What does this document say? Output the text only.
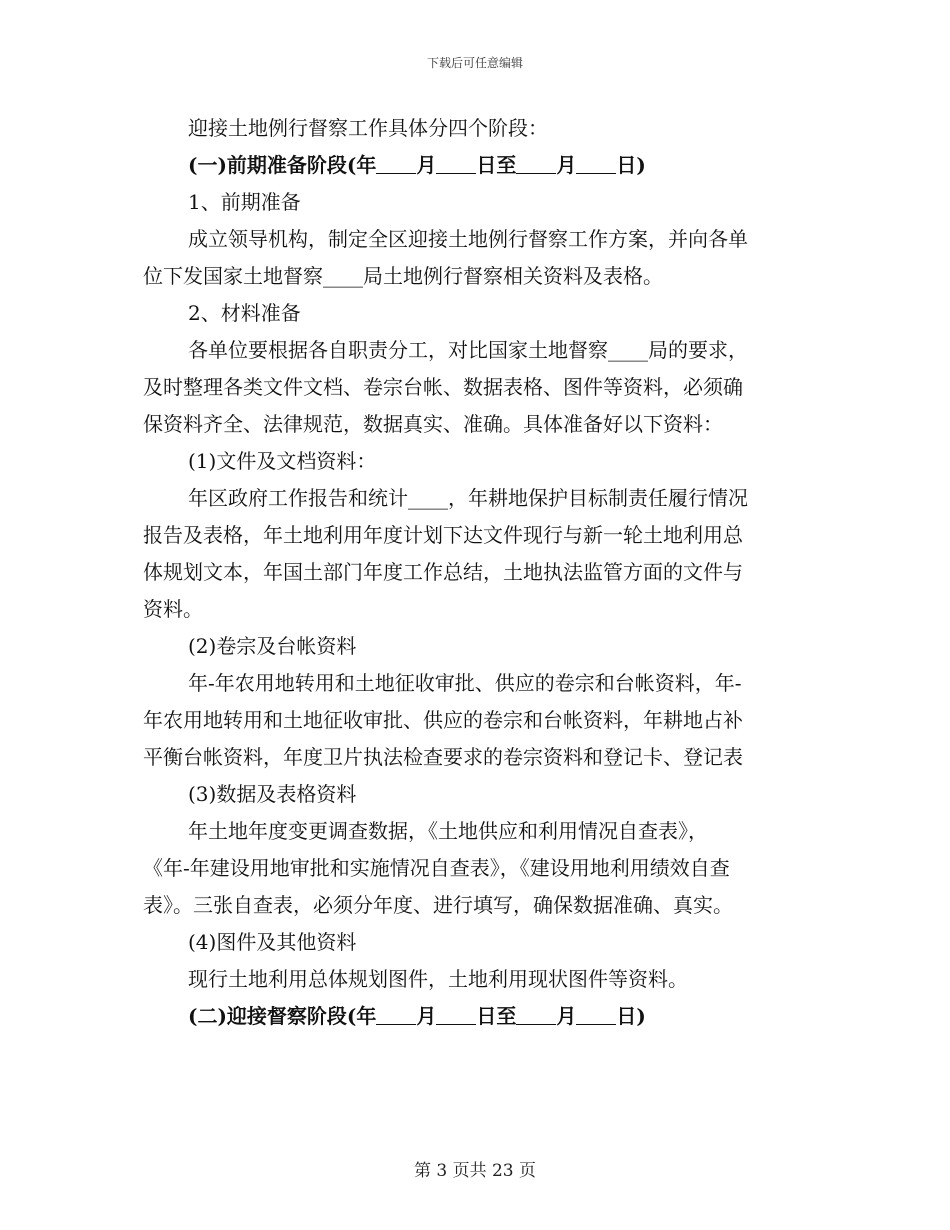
下载后可任意编辑
迎接土地例行督察工作具体分四个阶段：
(一)前期准备阶段(年 月 日至 月 日)
1、前期准备
成立领导机构，制定全区迎接土地例行督察工作方案，并向各单
位下发国家土地督察____局土地例行督察相关资料及表格。
2、材料准备
各单位要根据各自职责分工，对比国家土地督察____局的要求，
及时整理各类文件文档、卷宗台帐、数据表格、图件等资料，必须确
保资料齐全、法律规范，数据真实、准确。具体准备好以下资料：
(1)文件及文档资料：
年区政府工作报告和统计____，年耕地保护目标制责任履行情况
报告及表格，年土地利用年度计划下达文件现行与新一轮土地利用总
体规划文本，年国土部门年度工作总结，土地执法监管方面的文件与
资料。
(2)卷宗及台帐资料
年-年农用地转用和土地征收审批、供应的卷宗和台帐资料，年-
年农用地转用和土地征收审批、供应的卷宗和台帐资料，年耕地占补
平衡台帐资料，年度卫片执法检查要求的卷宗资料和登记卡、登记表
(3)数据及表格资料
年土地年度变更调查数据，《土地供应和利用情况自查表》，
《年-年建设用地审批和实施情况自查表》，《建设用地利用绩效自查
表》。三张自查表，必须分年度、进行填写，确保数据准确、真实。
(4)图件及其他资料
现行土地利用总体规划图件，土地利用现状图件等资料。
(二)迎接督察阶段(年 月 日至 月 日)
第 3 页共 23 页
